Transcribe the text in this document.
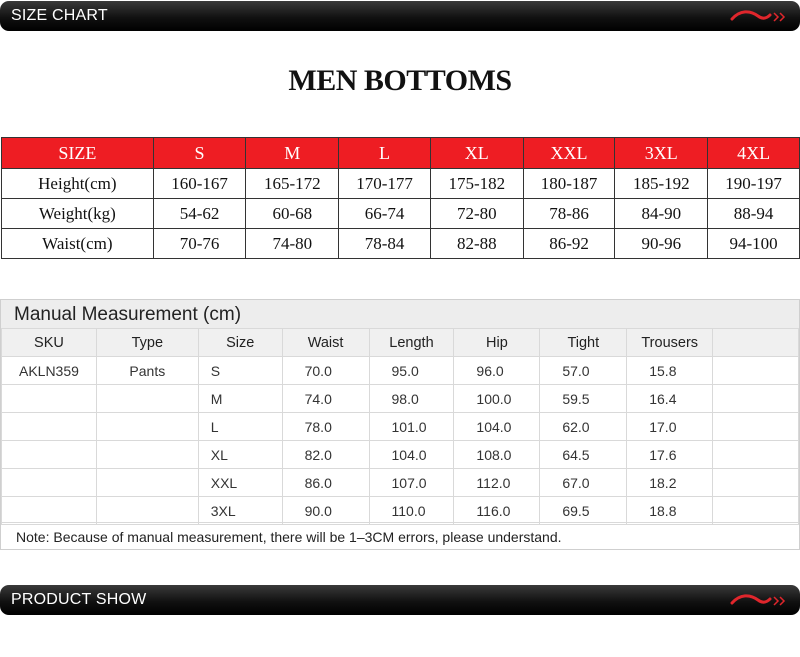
SIZE CHART
MEN BOTTOMS
SIZE	S	M	L	XL	XXL	3XL	4XL
Height(cm)	160-167	165-172	170-177	175-182	180-187	185-192	190-197
Weight(kg)	54-62	60-68	66-74	72-80	78-86	84-90	88-94
Waist(cm)	70-76	74-80	78-84	82-88	86-92	90-96	94-100
Manual Measurement (cm)
SKU	Type	Size	Waist	Length	Hip	Tight	Trousers	
AKLN359	Pants	S	70.0	95.0	96.0	57.0	15.8	
		M	74.0	98.0	100.0	59.5	16.4	
		L	78.0	101.0	104.0	62.0	17.0	
		XL	82.0	104.0	108.0	64.5	17.6	
		XXL	86.0	107.0	112.0	67.0	18.2	
		3XL	90.0	110.0	116.0	69.5	18.8	
Note: Because of manual measurement, there will be 1–3CM errors, please understand.
PRODUCT SHOW
